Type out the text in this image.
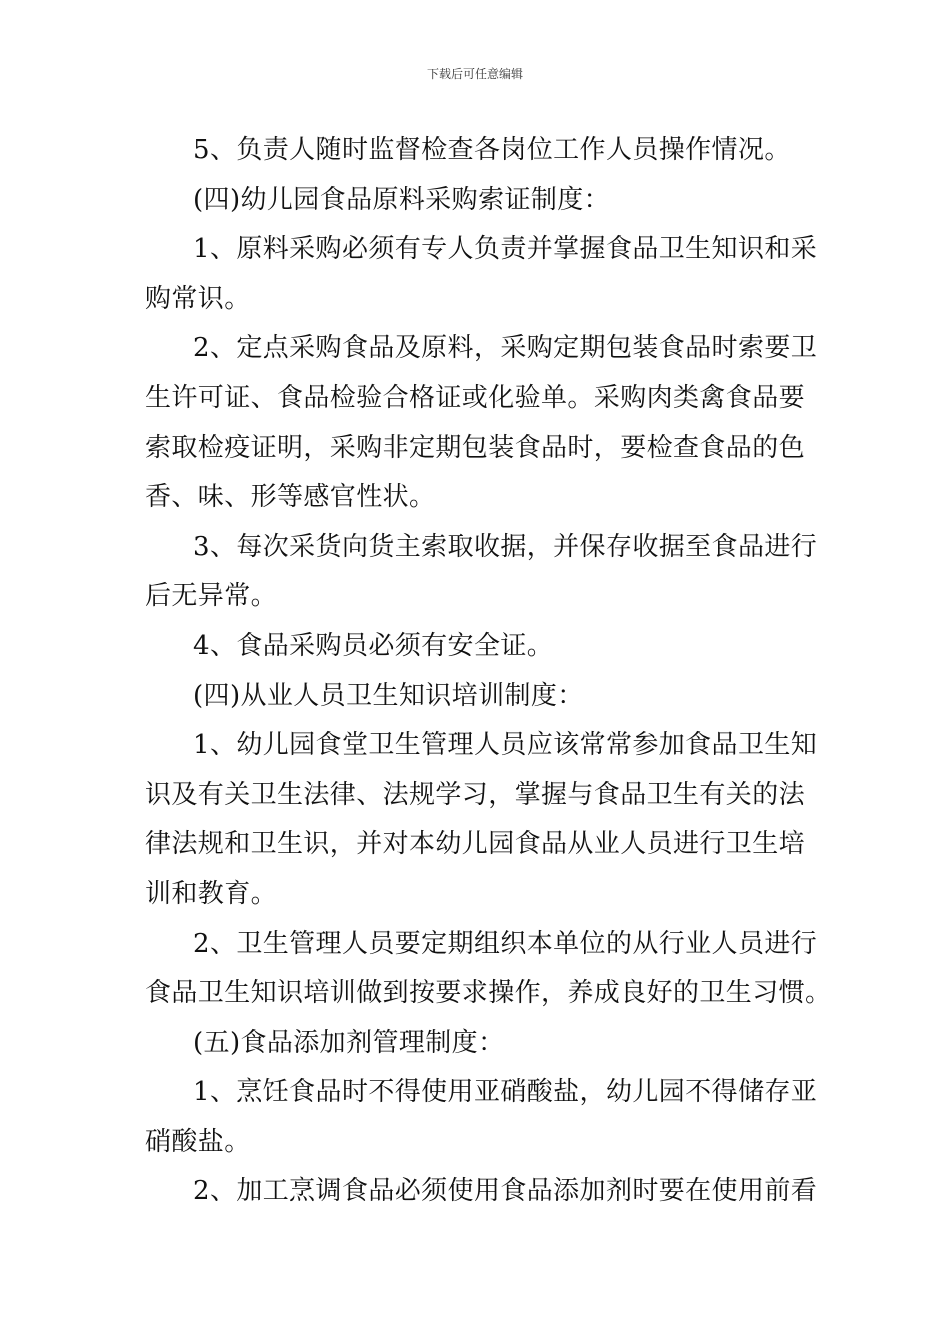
下载后可任意编辑
5、负责人随时监督检查各岗位工作人员操作情况。
(四)幼儿园食品原料采购索证制度：
1、原料采购必须有专人负责并掌握食品卫生知识和采
购常识。
2、定点采购食品及原料，采购定期包装食品时索要卫
生许可证、食品检验合格证或化验单。采购肉类禽食品要
索取检疫证明，采购非定期包装食品时，要检查食品的色
香、味、形等感官性状。
3、每次采货向货主索取收据，并保存收据至食品进行
后无异常。
4、食品采购员必须有安全证。
(四)从业人员卫生知识培训制度：
1、幼儿园食堂卫生管理人员应该常常参加食品卫生知
识及有关卫生法律、法规学习，掌握与食品卫生有关的法
律法规和卫生识，并对本幼儿园食品从业人员进行卫生培
训和教育。
2、卫生管理人员要定期组织本单位的从行业人员进行
食品卫生知识培训做到按要求操作，养成良好的卫生习惯。
(五)食品添加剂管理制度：
1、烹饪食品时不得使用亚硝酸盐，幼儿园不得储存亚
硝酸盐。
2、加工烹调食品必须使用食品添加剂时要在使用前看
